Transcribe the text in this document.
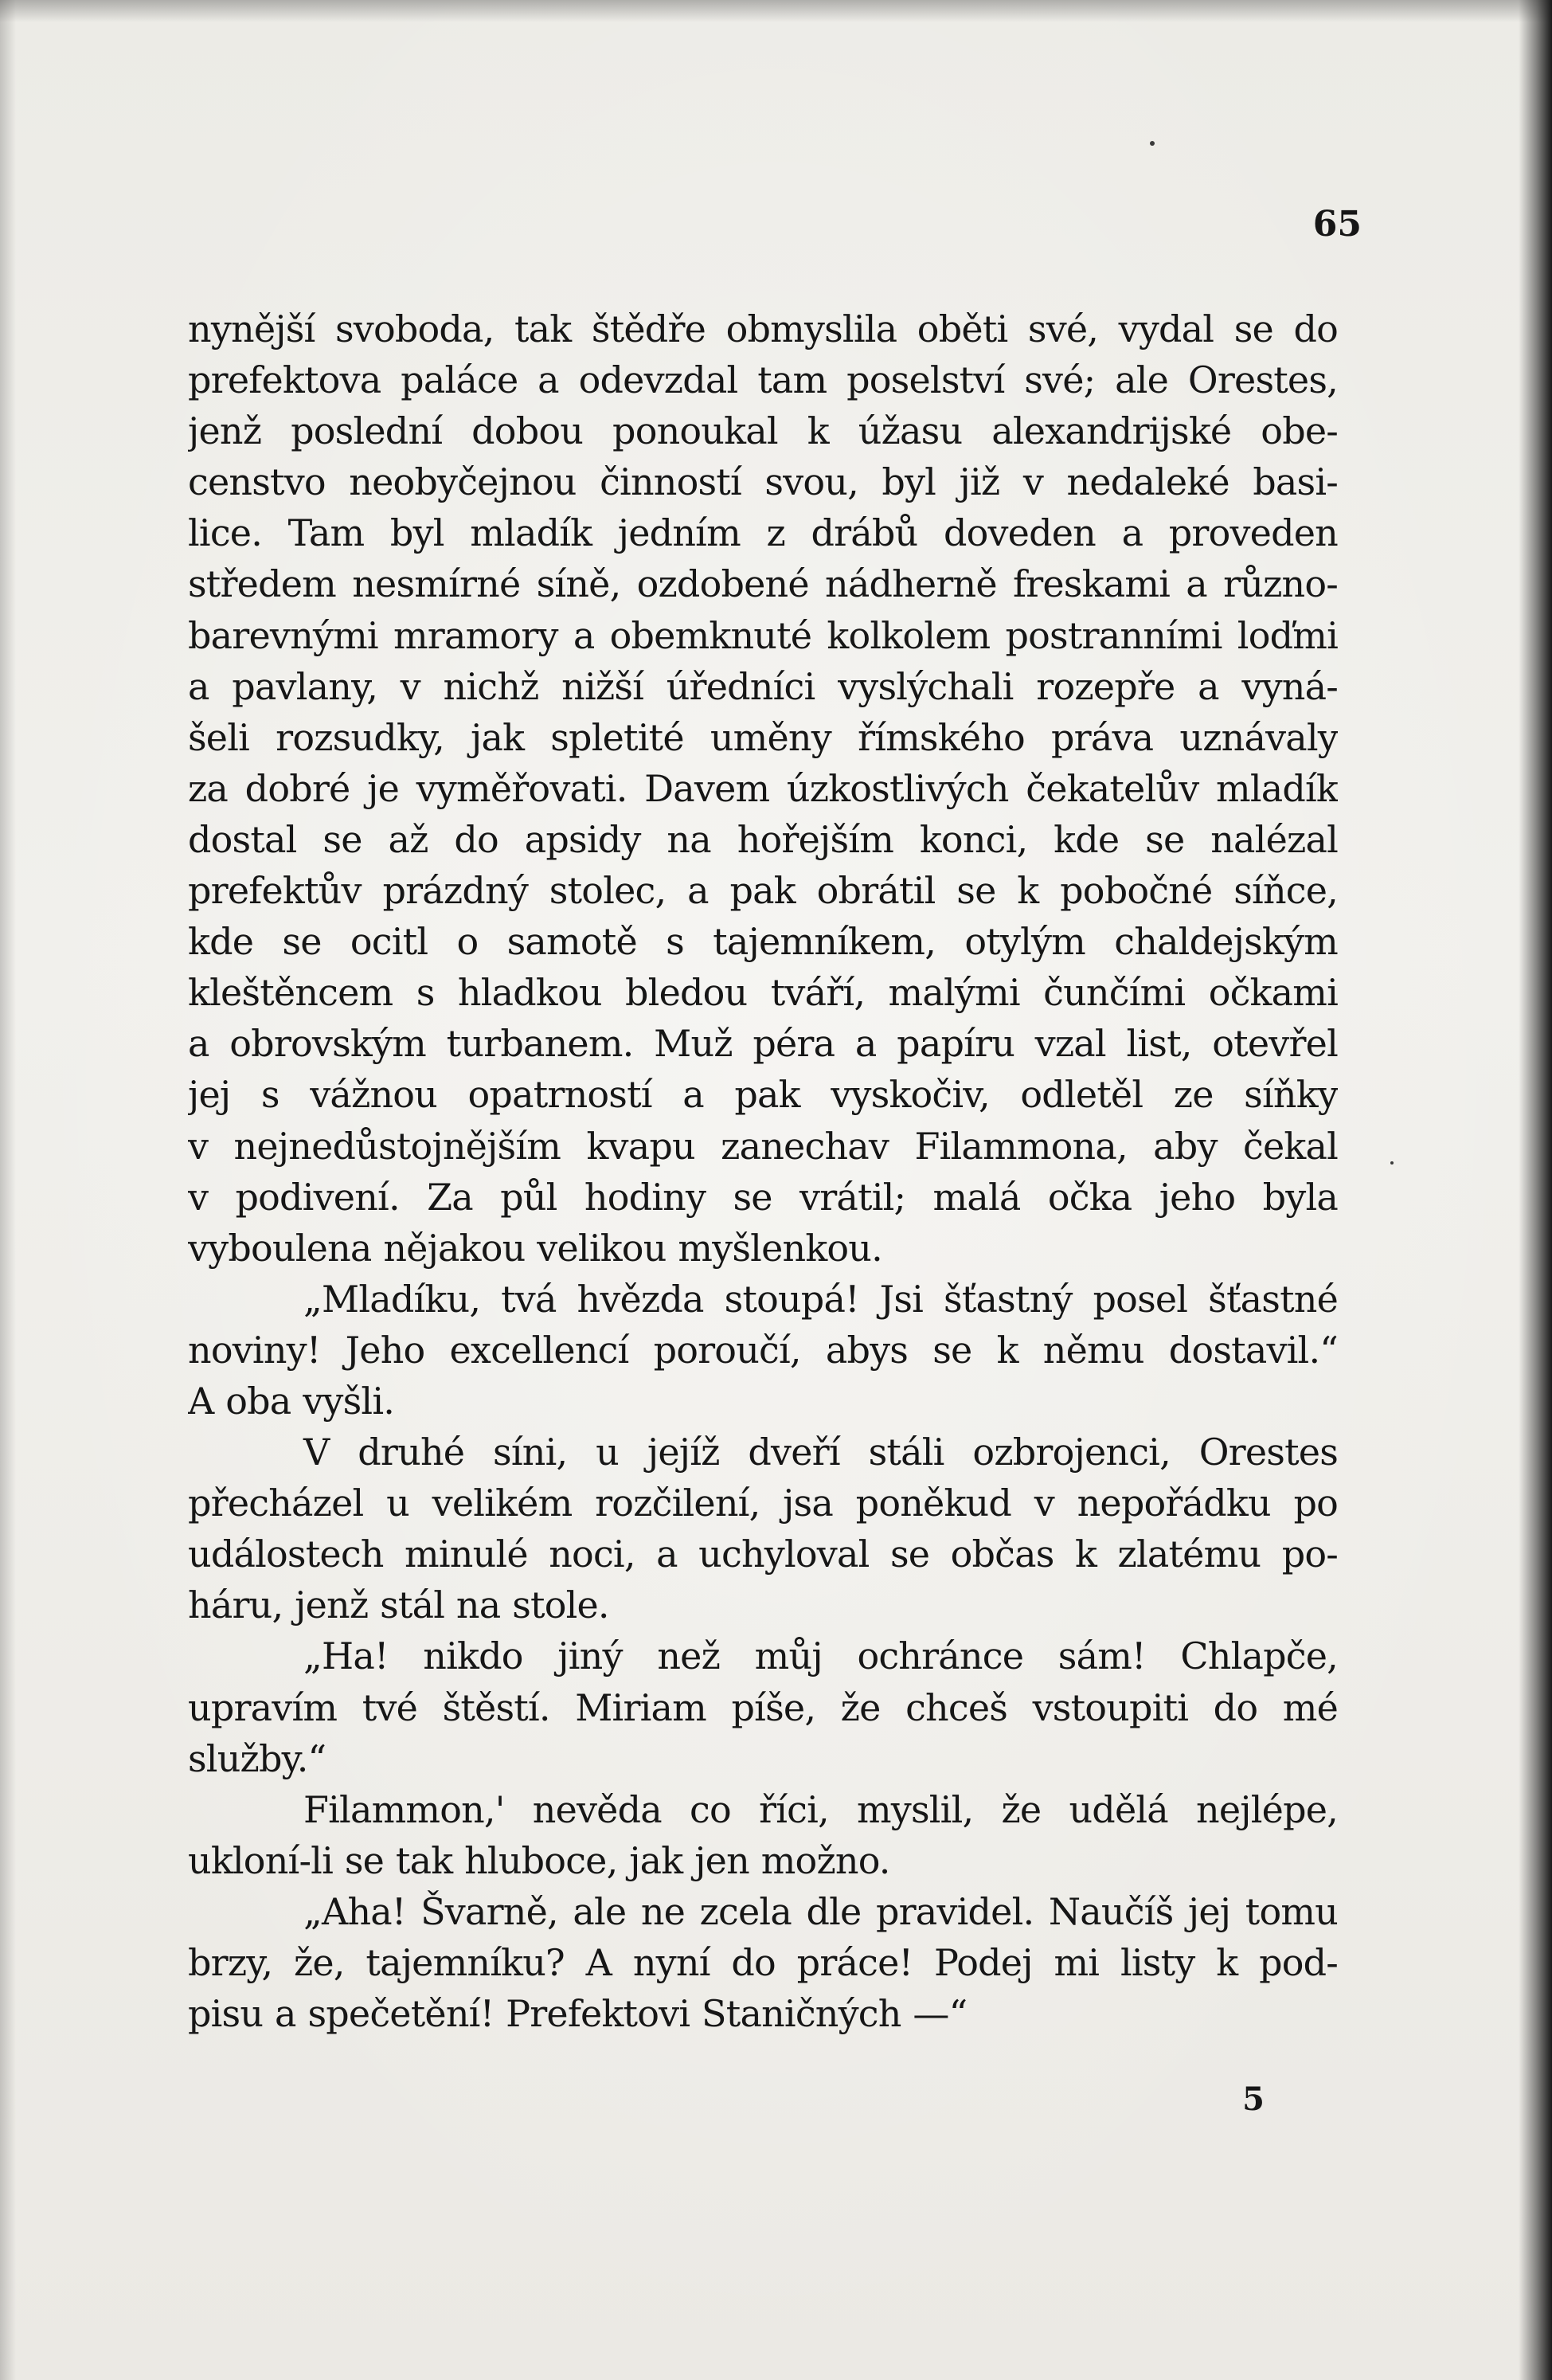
65
nynější svoboda, tak štědře obmyslila oběti své, vydal se do
prefektova paláce a odevzdal tam poselství své; ale Orestes,
jenž poslední dobou ponoukal k úžasu alexandrijské obe-
censtvo neobyčejnou činností svou, byl již v nedaleké basi-
lice. Tam byl mladík jedním z drábů doveden a proveden
středem nesmírné síně, ozdobené nádherně freskami a různo-
barevnými mramory a obemknuté kolkolem postranními loďmi
a pavlany, v nichž nižší úředníci vyslýchali rozepře a vyná-
šeli rozsudky, jak spletité uměny římského práva uznávaly
za dobré je vyměřovati. Davem úzkostlivých čekatelův mladík
dostal se až do apsidy na hořejším konci, kde se nalézal
prefektův prázdný stolec, a pak obrátil se k pobočné síňce,
kde se ocitl o samotě s tajemníkem, otylým chaldejským
kleštěncem s hladkou bledou tváří, malými čunčími očkami
a obrovským turbanem. Muž péra a papíru vzal list, otevřel
jej s vážnou opatrností a pak vyskočiv, odletěl ze síňky
v nejnedůstojnějším kvapu zanechav Filammona, aby čekal
v podivení. Za půl hodiny se vrátil; malá očka jeho byla
vyboulena nějakou velikou myšlenkou.
„Mladíku, tvá hvězda stoupá! Jsi šťastný posel šťastné
noviny! Jeho excellencí poroučí, abys se k němu dostavil.“
A oba vyšli.
V druhé síni, u jejíž dveří stáli ozbrojenci, Orestes
přecházel u velikém rozčilení, jsa poněkud v nepořádku po
událostech minulé noci, a uchyloval se občas k zlatému po-
háru, jenž stál na stole.
„Ha! nikdo jiný než můj ochránce sám! Chlapče,
upravím tvé štěstí. Miriam píše, že chceš vstoupiti do mé
služby.“
Filammon,' nevěda co říci, myslil, že udělá nejlépe,
ukloní-li se tak hluboce, jak jen možno.
„Aha! Švarně, ale ne zcela dle pravidel. Naučíš jej tomu
brzy, že, tajemníku? A nyní do práce! Podej mi listy k pod-
pisu a spečetění! Prefektovi Staničných —“
5
